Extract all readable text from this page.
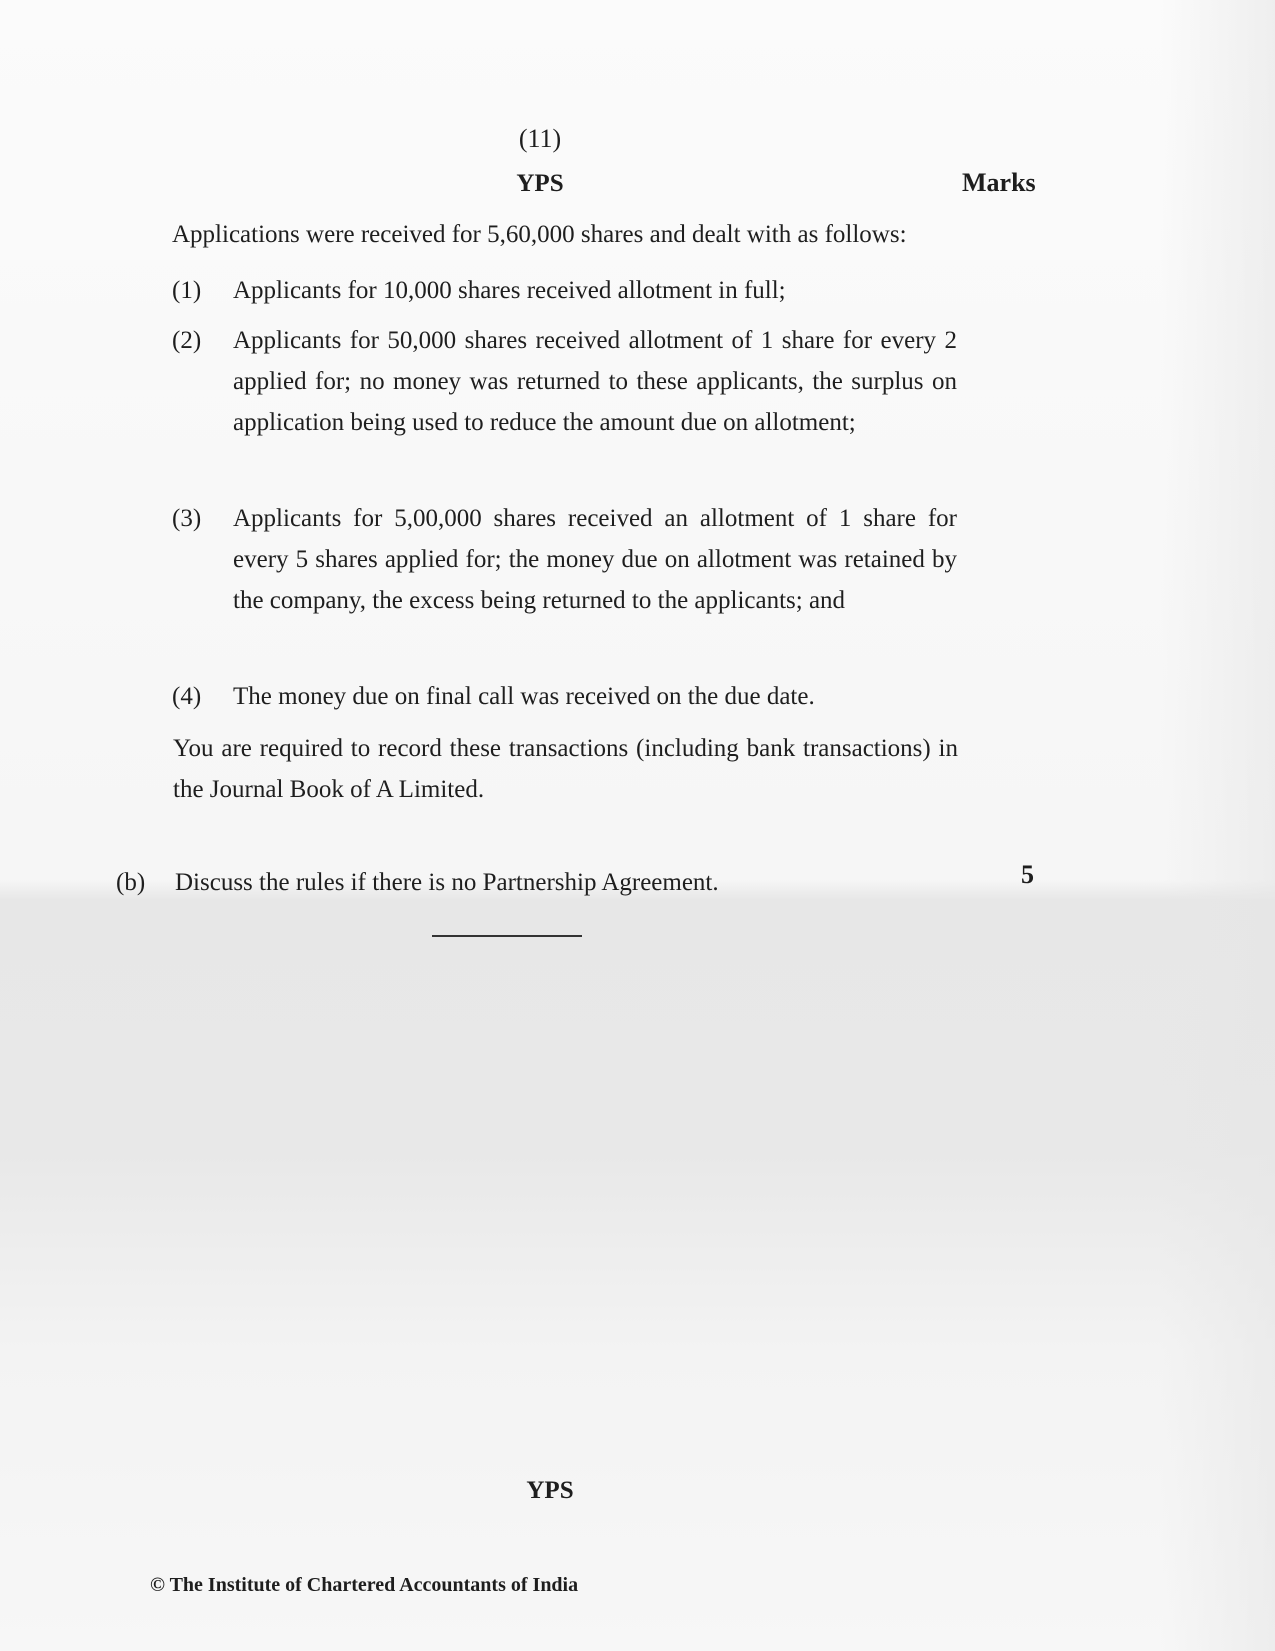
(11)
YPS	Marks
Applications were received for 5,60,000 shares and dealt with as follows:
(1)	Applicants for 10,000 shares received allotment in full;
(2)	Applicants for 50,000 shares received allotment of 1 share for every 2 applied for; no money was returned to these applicants, the surplus on application being used to reduce the amount due on allotment;
(3)	Applicants for 5,00,000 shares received an allotment of 1 share for every 5 shares applied for; the money due on allotment was retained by the company, the excess being returned to the applicants; and
(4)	The money due on final call was received on the due date.
You are required to record these transactions (including bank transactions) in the Journal Book of A Limited.
(b)	Discuss the rules if there is no Partnership Agreement.	5
YPS
© The Institute of Chartered Accountants of India
